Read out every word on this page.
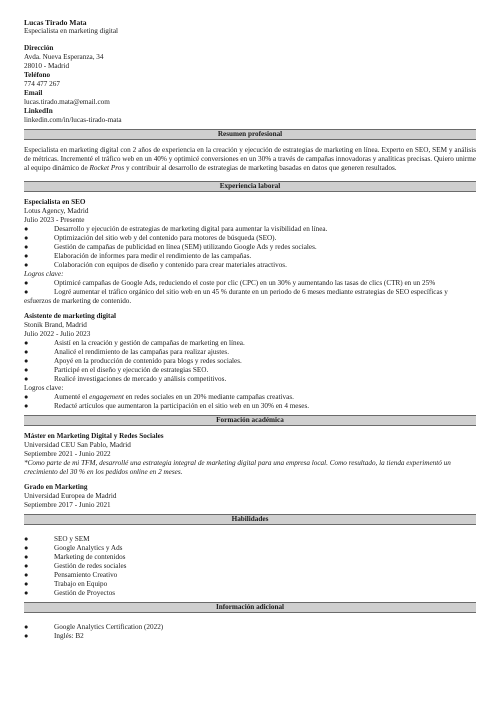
Lucas Tirado Mata
Especialista en marketing digital
Dirección
Avda. Nueva Esperanza, 34
28010 - Madrid
Teléfono
774 477 267
Email
lucas.tirado.mata@email.com
LinkedIn
linkedin.com/in/lucas-tirado-mata
Resumen profesional
Especialista en marketing digital con 2 años de experiencia en la creación y ejecución de estrategias de marketing en línea. Experto en SEO, SEM y análisis de métricas. Incrementé el tráfico web en un 40% y optimicé conversiones en un 30% a través de campañas innovadoras y analíticas precisas. Quiero unirme al equipo dinámico de Rocket Pros y contribuir al desarrollo de estrategias de marketing basadas en datos que generen resultados.
Experiencia laboral
Especialista en SEO
Lotus Agency, Madrid
Julio 2023 - Presente
●	Desarrollo y ejecución de estrategias de marketing digital para aumentar la visibilidad en línea.
●	Optimización del sitio web y del contenido para motores de búsqueda (SEO).
●	Gestión de campañas de publicidad en línea (SEM) utilizando Google Ads y redes sociales.
●	Elaboración de informes para medir el rendimiento de las campañas.
●	Colaboración con equipos de diseño y contenido para crear materiales atractivos.
Logros clave:
●	Optimicé campañas de Google Ads, reduciendo el coste por clic (CPC) en un 30% y aumentando las tasas de clics (CTR) en un 25%
●	Logré aumentar el tráfico orgánico del sitio web en un 45 % durante en un periodo de 6 meses mediante estrategias de SEO específicas y esfuerzos de marketing de contenido.
Asistente de marketing digital
Stonik Brand, Madrid
Julio 2022 - Julio 2023
●	Asistí en la creación y gestión de campañas de marketing en línea.
●	Analicé el rendimiento de las campañas para realizar ajustes.
●	Apoyé en la producción de contenido para blogs y redes sociales.
●	Participé en el diseño y ejecución de estrategias SEO.
●	Realicé investigaciones de mercado y análisis competitivos.
Logros clave:
●	Aumenté el engagement en redes sociales en un 20% mediante campañas creativas.
●	Redacté artículos que aumentaron la participación en el sitio web en un 30% en 4 meses.
Formación académica
Máster en Marketing Digital y Redes Sociales
Universidad CEU San Pablo, Madrid
Septiembre 2021 - Junio 2022
*Como parte de mi TFM, desarrollé una estrategia integral de marketing digital para una empresa local. Como resultado, la tienda experimentó un crecimiento del 30 % en los pedidos online en 2 meses.
Grado en Marketing
Universidad Europea de Madrid
Septiembre 2017 - Junio 2021
Habilidades
●	SEO y SEM
●	Google Analytics y Ads
●	Marketing de contenidos
●	Gestión de redes sociales
●	Pensamiento Creativo
●	Trabajo en Equipo
●	Gestión de Proyectos
Información adicional
●	Google Analytics Certification (2022)
●	Inglés: B2
